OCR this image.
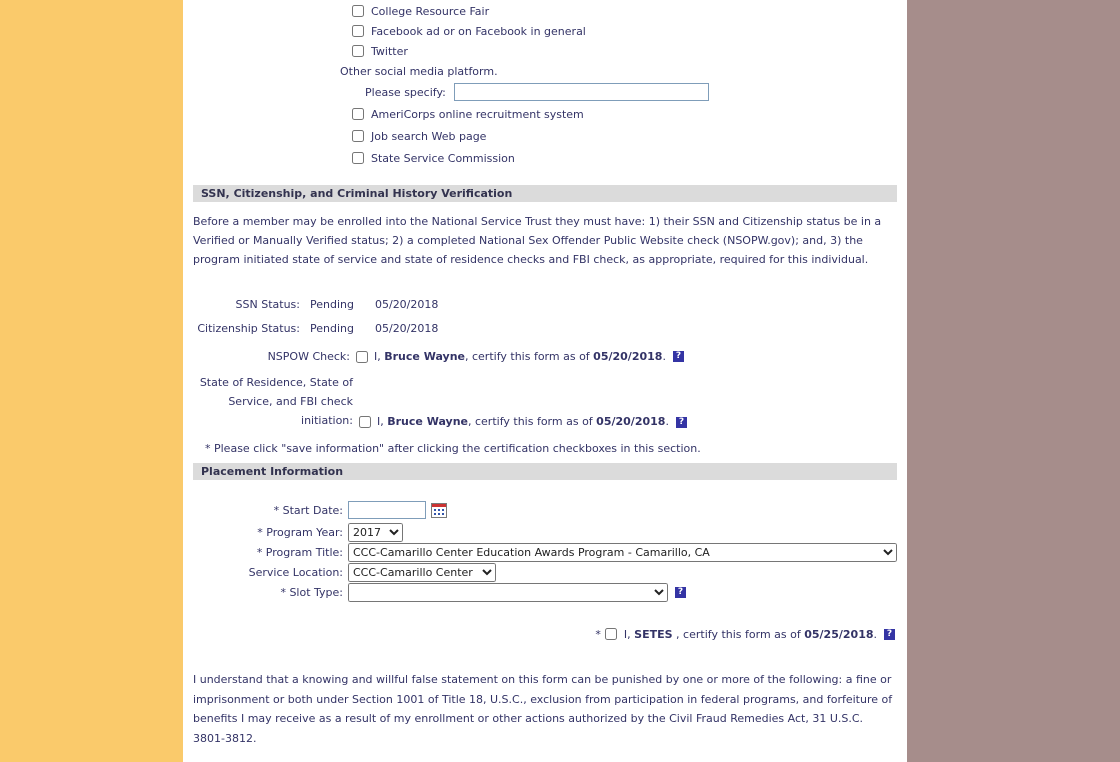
College Resource Fair
Facebook ad or on Facebook in general
Twitter
Other social media platform.
Please specify:
AmeriCorps online recruitment system
Job search Web page
State Service Commission
SSN, Citizenship, and Criminal History Verification

Before a member may be enrolled into the National Service Trust they must have: 1) their SSN and Citizenship status be in a Verified or Manually Verified status; 2) a completed National Sex Offender Public Website check (NSOPW.gov); and, 3) the program initiated state of service and state of residence checks and FBI check, as appropriate, required for this individual.

SSN Status: Pending 05/20/2018
Citizenship Status: Pending 05/20/2018
NSPOW Check: I, Bruce Wayne, certify this form as of 05/20/2018.	?
State of Residence, State of Service, and FBI check initiation: I, Bruce Wayne, certify this form as of 05/20/2018.	?
* Please click "save information" after clicking the certification checkboxes in this section.
Placement Information
* Start Date:
* Program Year:
2017
* Program Title:
CCC-Camarillo Center Education Awards Program - Camarillo, CA
Service Location:
CCC-Camarillo Center
* Slot Type:	?
* I, SETES , certify this form as of 05/25/2018.	?

I understand that a knowing and willful false statement on this form can be punished by one or more of the following: a fine or imprisonment or both under Section 1001 of Title 18, U.S.C., exclusion from participation in federal programs, and forfeiture of benefits I may receive as a result of my enrollment or other actions authorized by the Civil Fraud Remedies Act, 31 U.S.C. 3801-3812.
